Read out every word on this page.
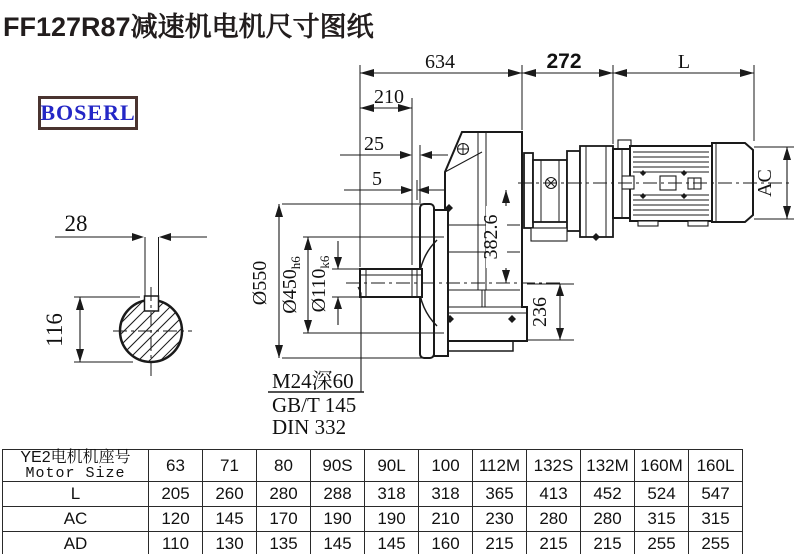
FF127R87减速机电机尺寸图纸
BOSERL
28
116
634	272	L
210
25
5
Ø550 $Ø450_{h6}$
$Ø110_{k6}$
382.6
236
AC
M24深60
GB/T 145
DIN 332
YE2电机机座号
Motor Size	63	71	80	90S	90L	100	112M	132S	132M	160M	160L
L	205	260	280	288	318	318	365	413	452	524	547
AC	120	145	170	190	190	210	230	280	280	315	315
AD	110	130	135	145	145	160	215	215	215	255	255
